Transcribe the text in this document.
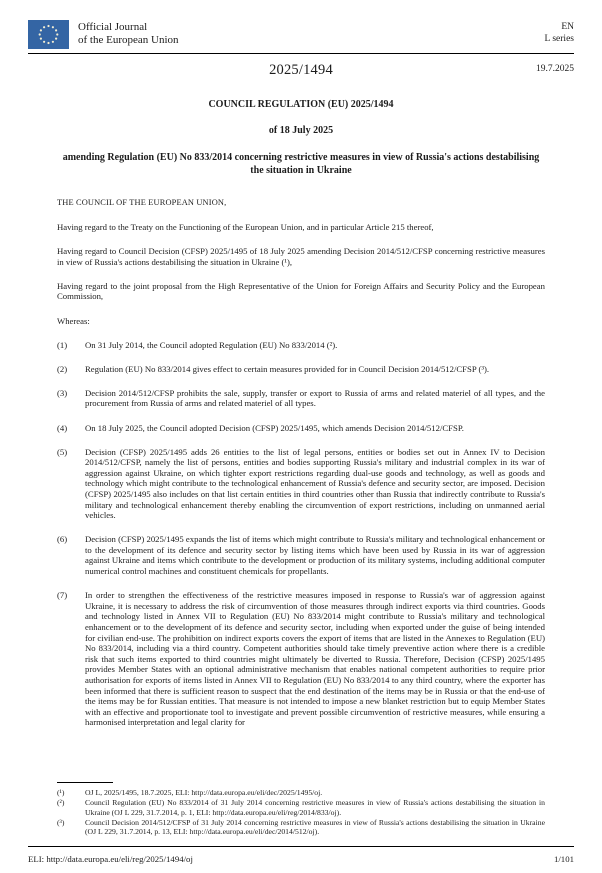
Official Journal
of the European Union
EN
L series
2025/1494	19.7.2025
COUNCIL REGULATION (EU) 2025/1494
of 18 July 2025
amending Regulation (EU) No 833/2014 concerning restrictive measures in view of Russia's actions destabilising the situation in Ukraine

THE COUNCIL OF THE EUROPEAN UNION,

Having regard to the Treaty on the Functioning of the European Union, and in particular Article 215 thereof,

Having regard to Council Decision (CFSP) 2025/1495 of 18 July 2025 amending Decision 2014/512/CFSP concerning restrictive measures in view of Russia's actions destabilising the situation in Ukraine (¹),

Having regard to the joint proposal from the High Representative of the Union for Foreign Affairs and Security Policy and the European Commission,

Whereas:

(1)	On 31 July 2014, the Council adopted Regulation (EU) No 833/2014 (²).
(2)	Regulation (EU) No 833/2014 gives effect to certain measures provided for in Council Decision 2014/512/CFSP (³).
(3)	Decision 2014/512/CFSP prohibits the sale, supply, transfer or export to Russia of arms and related materiel of all types, and the procurement from Russia of arms and related materiel of all types.
(4)	On 18 July 2025, the Council adopted Decision (CFSP) 2025/1495, which amends Decision 2014/512/CFSP.
(5)	Decision (CFSP) 2025/1495 adds 26 entities to the list of legal persons, entities or bodies set out in Annex IV to Decision 2014/512/CFSP, namely the list of persons, entities and bodies supporting Russia's military and industrial complex in its war of aggression against Ukraine, on which tighter export restrictions regarding dual-use goods and technology, as well as goods and technology which might contribute to the technological enhancement of Russia's defence and security sector, are imposed. Decision (CFSP) 2025/1495 also includes on that list certain entities in third countries other than Russia that indirectly contribute to Russia's military and technological enhancement thereby enabling the circumvention of export restrictions, including on unmanned aerial vehicles.
(6)	Decision (CFSP) 2025/1495 expands the list of items which might contribute to Russia's military and technological enhancement or to the development of its defence and security sector by listing items which have been used by Russia in its war of aggression against Ukraine and items which contribute to the development or production of its military systems, including additional computer numerical control machines and constituent chemicals for propellants.
(7)	In order to strengthen the effectiveness of the restrictive measures imposed in response to Russia's war of aggression against Ukraine, it is necessary to address the risk of circumvention of those measures through indirect exports via third countries. Goods and technology listed in Annex VII to Regulation (EU) No 833/2014 might contribute to Russia's military and technological enhancement or to the development of its defence and security sector, including when exported under the guise of being intended for civilian end-use. The prohibition on indirect exports covers the export of items that are listed in the Annexes to Regulation (EU) No 833/2014, including via a third country. Competent authorities should take timely preventive action where there is a credible risk that such items exported to third countries might ultimately be diverted to Russia. Therefore, Decision (CFSP) 2025/1495 provides Member States with an optional administrative mechanism that enables national competent authorities to require prior authorisation for exports of items listed in Annex VII to Regulation (EU) No 833/2014 to any third country, where the exporter has been informed that there is sufficient reason to suspect that the end destination of the items may be in Russia or that the end-use of the items may be for Russian entities. That measure is not intended to impose a new blanket restriction but to equip Member States with an effective and proportionate tool to investigate and prevent possible circumvention of restrictive measures, while ensuring a harmonised interpretation and legal clarity for
(¹)	OJ L, 2025/1495, 18.7.2025, ELI: http://data.europa.eu/eli/dec/2025/1495/oj.
(²)	Council Regulation (EU) No 833/2014 of 31 July 2014 concerning restrictive measures in view of Russia's actions destabilising the situation in Ukraine (OJ L 229, 31.7.2014, p. 1, ELI: http://data.europa.eu/eli/reg/2014/833/oj).
(³)	Council Decision 2014/512/CFSP of 31 July 2014 concerning restrictive measures in view of Russia's actions destabilising the situation in Ukraine (OJ L 229, 31.7.2014, p. 13, ELI: http://data.europa.eu/eli/dec/2014/512/oj).
ELI: http://data.europa.eu/eli/reg/2025/1494/oj	1/101
